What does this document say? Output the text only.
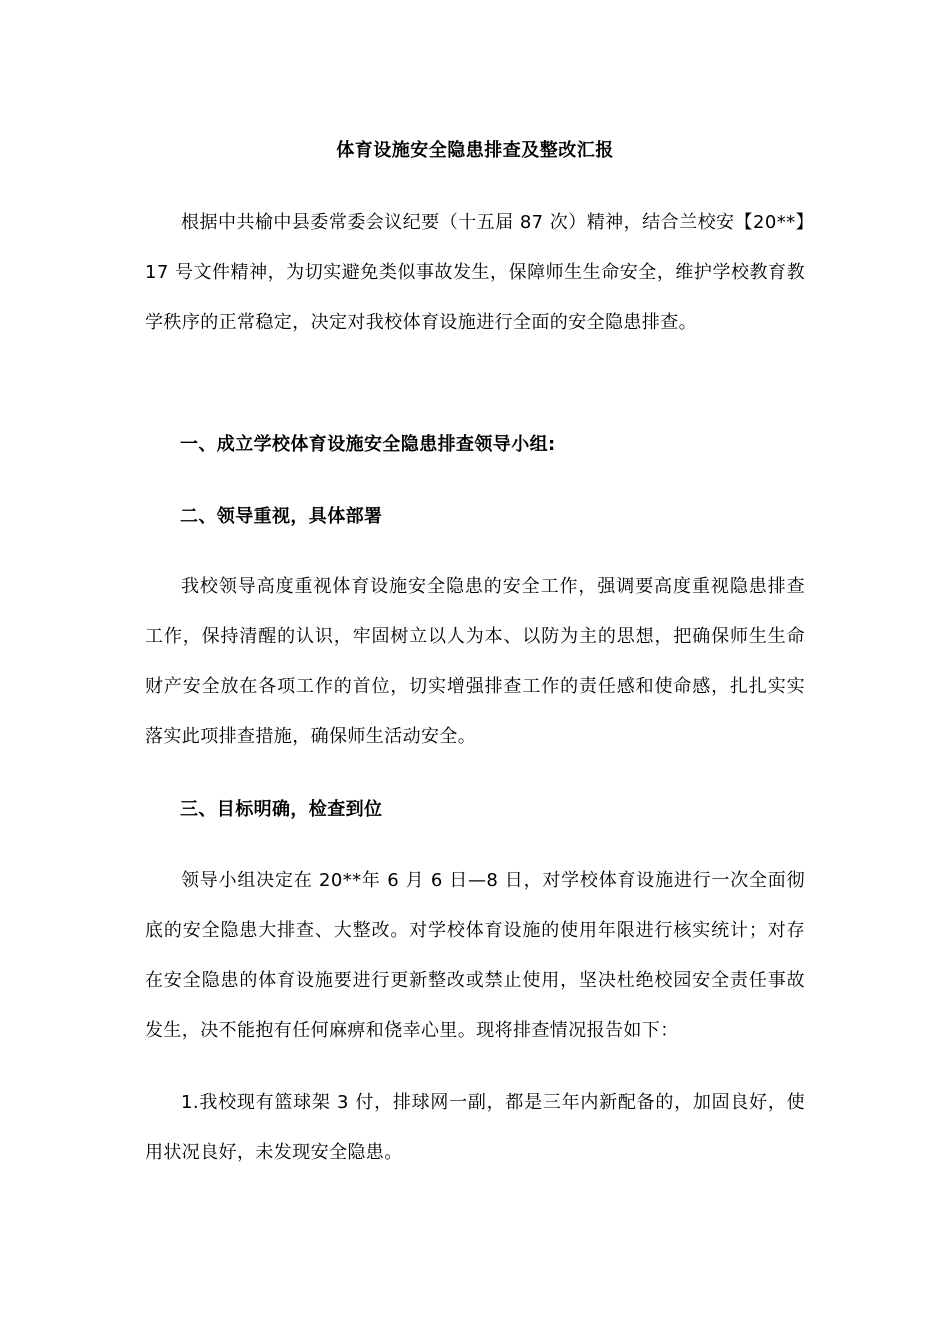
体育设施安全隐患排查及整改汇报

根据中共榆中县委常委会议纪要（十五届 87 次）精神，结合兰校安【20**】17 号文件精神，为切实避免类似事故发生，保障师生生命安全，维护学校教育教学秩序的正常稳定，决定对我校体育设施进行全面的安全隐患排查。

一、成立学校体育设施安全隐患排查领导小组:

二、领导重视，具体部署

我校领导高度重视体育设施安全隐患的安全工作，强调要高度重视隐患排查工作，保持清醒的认识，牢固树立以人为本、以防为主的思想，把确保师生生命财产安全放在各项工作的首位，切实增强排查工作的责任感和使命感，扎扎实实落实此项排查措施，确保师生活动安全。

三、目标明确，检查到位

领导小组决定在 20**年 6 月 6 日—8 日，对学校体育设施进行一次全面彻底的安全隐患大排查、大整改。对学校体育设施的使用年限进行核实统计；对存在安全隐患的体育设施要进行更新整改或禁止使用，坚决杜绝校园安全责任事故发生，决不能抱有任何麻痹和侥幸心里。现将排查情况报告如下：

1.我校现有篮球架 3 付，排球网一副，都是三年内新配备的，加固良好，使用状况良好，未发现安全隐患。
